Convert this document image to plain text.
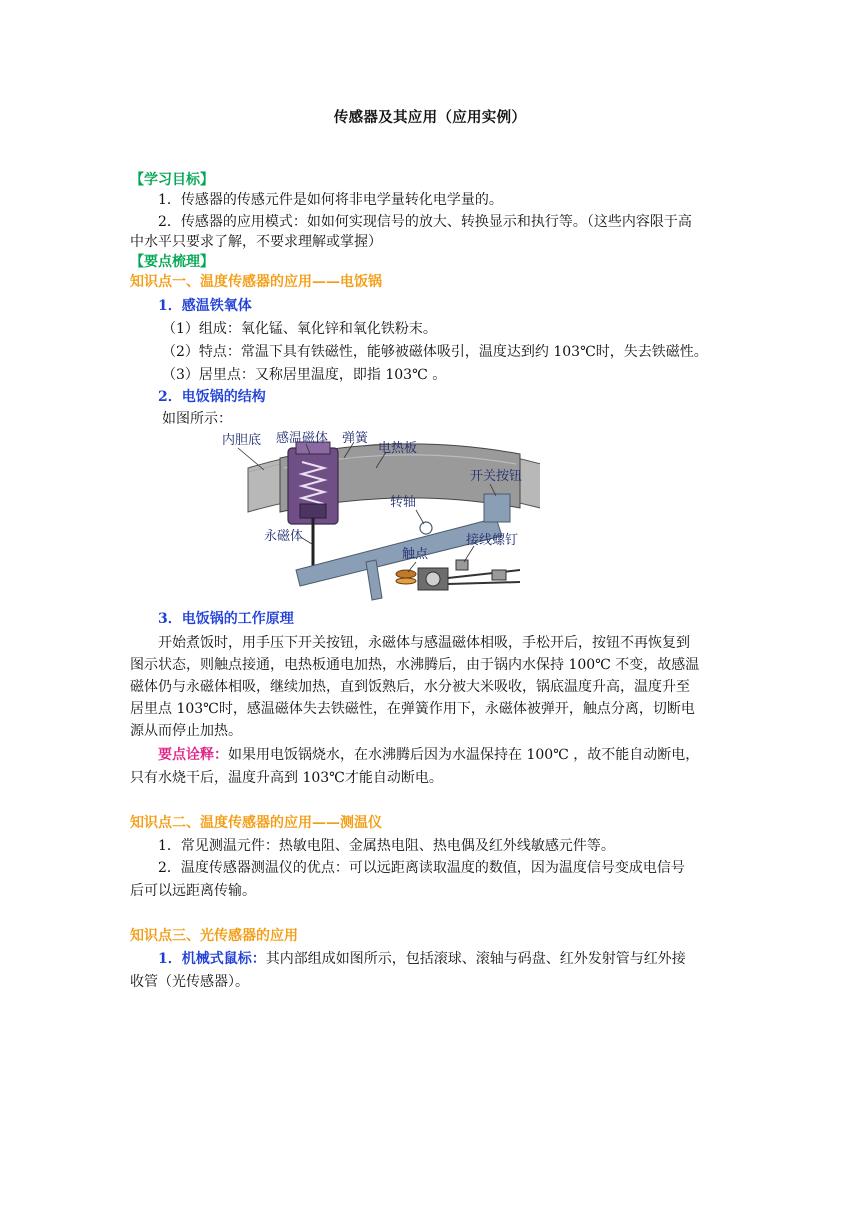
传感器及其应用（应用实例）
【学习目标】
1．传感器的传感元件是如何将非电学量转化电学量的。
2．传感器的应用模式：如如何实现信号的放大、转换显示和执行等。（这些内容限于高
中水平只要求了解，不要求理解或掌握）
【要点梳理】
知识点一、温度传感器的应用——电饭锅
1．感温铁氧体
（1）组成：氧化锰、氧化锌和氧化铁粉末。
（2）特点：常温下具有铁磁性，能够被磁体吸引，温度达到约 103℃时，失去铁磁性。
（3）居里点：又称居里温度，即指 103℃ 。
2．电饭锅的结构
如图所示：
内胆底 感温磁体 弹簧
电热板
开关按钮
转轴
永磁体
触点
接线螺钉
3．电饭锅的工作原理
开始煮饭时，用手压下开关按钮，永磁体与感温磁体相吸，手松开后，按钮不再恢复到
图示状态，则触点接通，电热板通电加热，水沸腾后，由于锅内水保持 100℃ 不变，故感温
磁体仍与永磁体相吸，继续加热，直到饭熟后，水分被大米吸收，锅底温度升高，温度升至
居里点 103℃时，感温磁体失去铁磁性，在弹簧作用下，永磁体被弹开，触点分离，切断电
源从而停止加热。
要点诠释：如果用电饭锅烧水，在水沸腾后因为水温保持在 100℃ ，故不能自动断电，
只有水烧干后，温度升高到 103℃才能自动断电。
知识点二、温度传感器的应用——测温仪
1．常见测温元件：热敏电阻、金属热电阻、热电偶及红外线敏感元件等。
2．温度传感器测温仪的优点：可以远距离读取温度的数值，因为温度信号变成电信号
后可以远距离传输。
知识点三、光传感器的应用
1．机械式鼠标：其内部组成如图所示，包括滚球、滚轴与码盘、红外发射管与红外接
收管（光传感器）。
